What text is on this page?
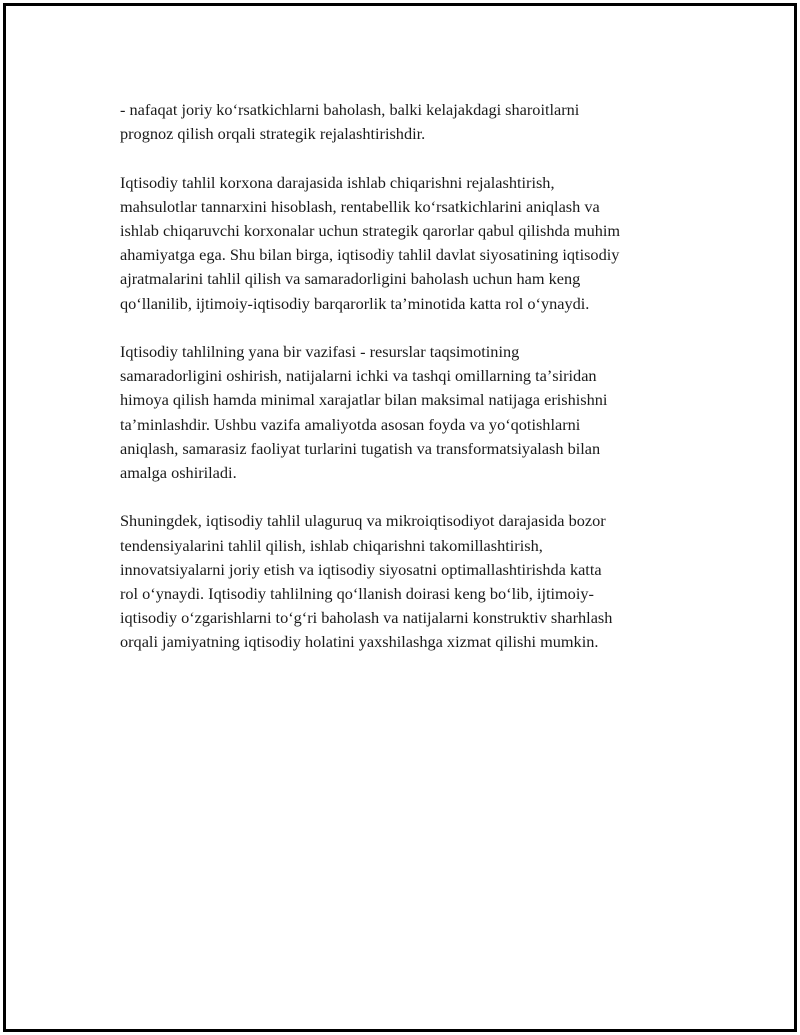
- nafaqat joriy koʻrsatkichlarni baholash, balki kelajakdagi sharoitlarni
prognoz qilish orqali strategik rejalashtirishdir.

Iqtisodiy tahlil korxona darajasida ishlab chiqarishni rejalashtirish,
mahsulotlar tannarxini hisoblash, rentabellik koʻrsatkichlarini aniqlash va
ishlab chiqaruvchi korxonalar uchun strategik qarorlar qabul qilishda muhim
ahamiyatga ega. Shu bilan birga, iqtisodiy tahlil davlat siyosatining iqtisodiy
ajratmalarini tahlil qilish va samaradorligini baholash uchun ham keng
qoʻllanilib, ijtimoiy-iqtisodiy barqarorlik taʼminotida katta rol oʻynaydi.

Iqtisodiy tahlilning yana bir vazifasi - resurslar taqsimotining
samaradorligini oshirish, natijalarni ichki va tashqi omillarning taʼsiridan
himoya qilish hamda minimal xarajatlar bilan maksimal natijaga erishishni
taʼminlashdir. Ushbu vazifa amaliyotda asosan foyda va yoʻqotishlarni
aniqlash, samarasiz faoliyat turlarini tugatish va transformatsiyalash bilan
amalga oshiriladi.

Shuningdek, iqtisodiy tahlil ulaguruq va mikroiqtisodiyot darajasida bozor
tendensiyalarini tahlil qilish, ishlab chiqarishni takomillashtirish,
innovatsiyalarni joriy etish va iqtisodiy siyosatni optimallashtirishda katta
rol oʻynaydi. Iqtisodiy tahlilning qoʻllanish doirasi keng boʻlib, ijtimoiy-
iqtisodiy oʻzgarishlarni toʻgʻri baholash va natijalarni konstruktiv sharhlash
orqali jamiyatning iqtisodiy holatini yaxshilashga xizmat qilishi mumkin.
